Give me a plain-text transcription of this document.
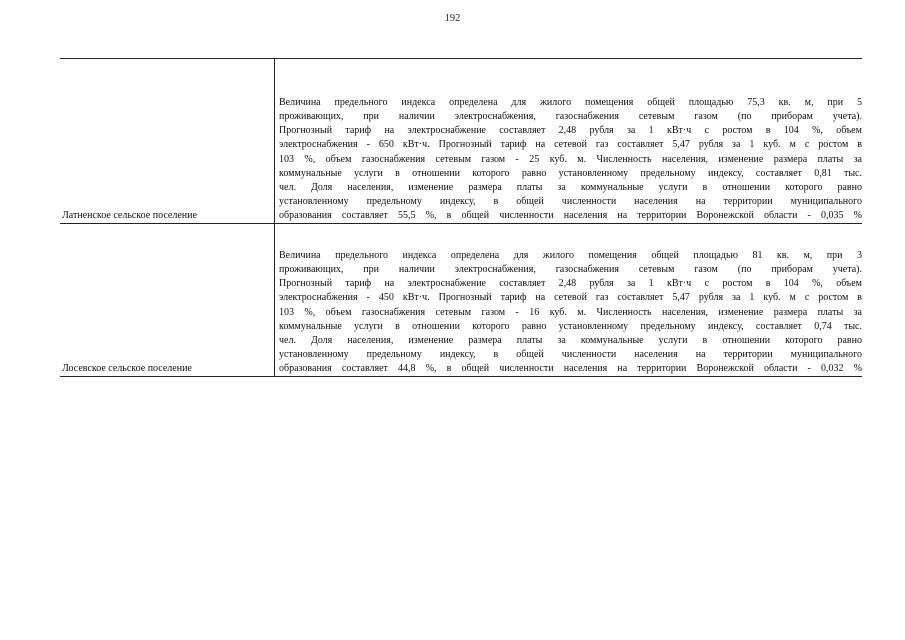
192
Латненское сельское поселение
Величина предельного индекса определена для жилого помещения общей площадью 75,3 кв. м, при 5
проживающих, при наличии электроснабжения, газоснабжения сетевым газом (по приборам учета).
Прогнозный тариф на электроснабжение составляет 2,48 рубля за 1 кВт·ч с ростом в 104 %, объем
электроснабжения - 650 кВт·ч. Прогнозный тариф на сетевой газ составляет 5,47 рубля за 1 куб. м с ростом в
103 %, объем газоснабжения сетевым газом - 25 куб. м. Численность населения, изменение размера платы за
коммунальные услуги в отношении которого равно установленному предельному индексу, составляет 0,81 тыс.
чел. Доля населения, изменение размера платы за коммунальные услуги в отношении которого равно
установленному предельному индексу, в общей численности населения на территории муниципального
образования составляет 55,5 %, в общей численности населения на территории Воронежской области - 0,035 %
Лосевское сельское поселение
Величина предельного индекса определена для жилого помещения общей площадью 81 кв. м, при 3
проживающих, при наличии электроснабжения, газоснабжения сетевым газом (по приборам учета).
Прогнозный тариф на электроснабжение составляет 2,48 рубля за 1 кВт·ч с ростом в 104 %, объем
электроснабжения - 450 кВт·ч. Прогнозный тариф на сетевой газ составляет 5,47 рубля за 1 куб. м с ростом в
103 %, объем газоснабжения сетевым газом - 16 куб. м. Численность населения, изменение размера платы за
коммунальные услуги в отношении которого равно установленному предельному индексу, составляет 0,74 тыс.
чел. Доля населения, изменение размера платы за коммунальные услуги в отношении которого равно
установленному предельному индексу, в общей численности населения на территории муниципального
образования составляет 44,8 %, в общей численности населения на территории Воронежской области - 0,032 %
